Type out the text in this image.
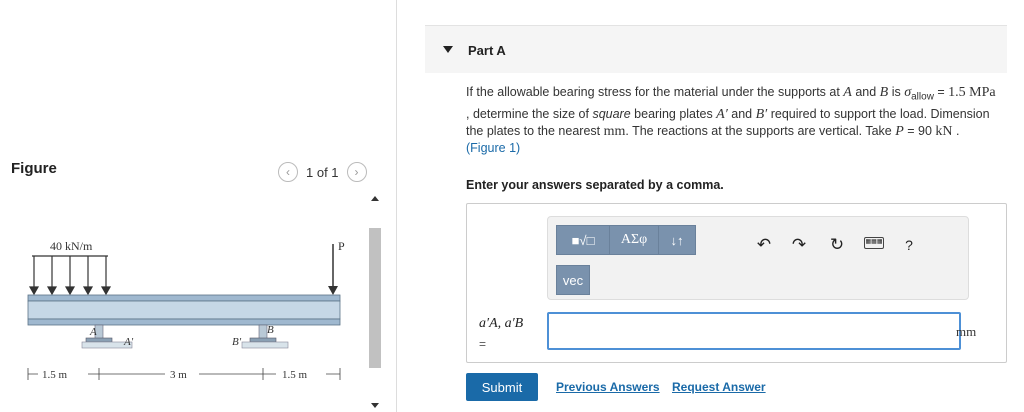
Figure	‹ 1 of 1 ›
40 kN/m	P
A
A′
B
B′
1.5 m	3 m	1.5 m
Part A
If the allowable bearing stress for the material under the supports at A and B is $\sigma_{allow} = 1.5$ MPa , determine the size of square bearing plates A′ and B′ required to support the load. Dimension the plates to the nearest mm. The reactions at the supports are vertical. Take P = 90 kN .
(Figure 1)
Enter your answers separated by a comma.
■√□	ΑΣφ	↓↑
vec
↶ ↷ ↻	▦▦▦	?
a′A, a′B
=
mm
Submit	Previous Answers Request Answer
